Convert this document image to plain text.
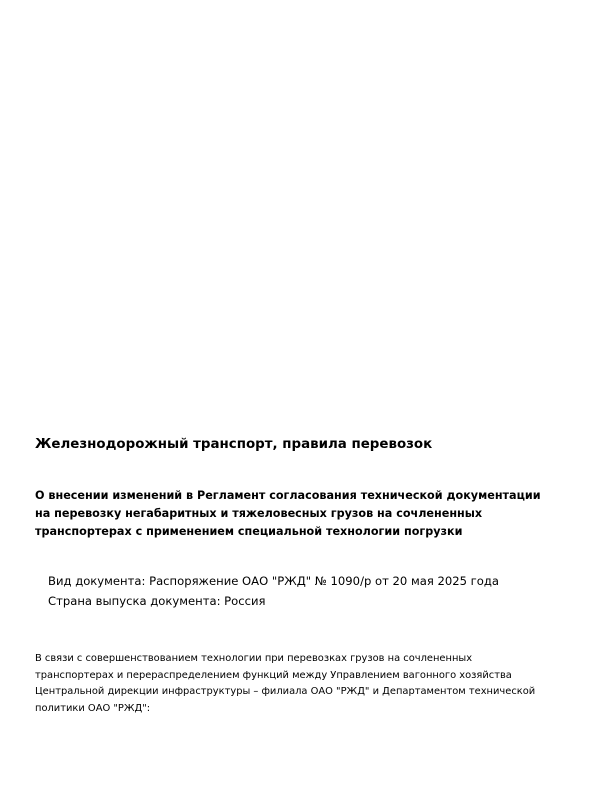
Железнодорожный транспорт, правила перевозок
О внесении изменений в Регламент согласования технической документации
на перевозку негабаритных и тяжеловесных грузов на сочлененных
транспортерах с применением специальной технологии погрузки
Вид документа: Распоряжение ОАО "РЖД" № 1090/р от 20 мая 2025 года
Страна выпуска документа: Россия
В связи с совершенствованием технологии при перевозках грузов на сочлененных
транспортерах и перераспределением функций между Управлением вагонного хозяйства
Центральной дирекции инфраструктуры – филиала ОАО "РЖД" и Департаментом технической
политики ОАО "РЖД":
